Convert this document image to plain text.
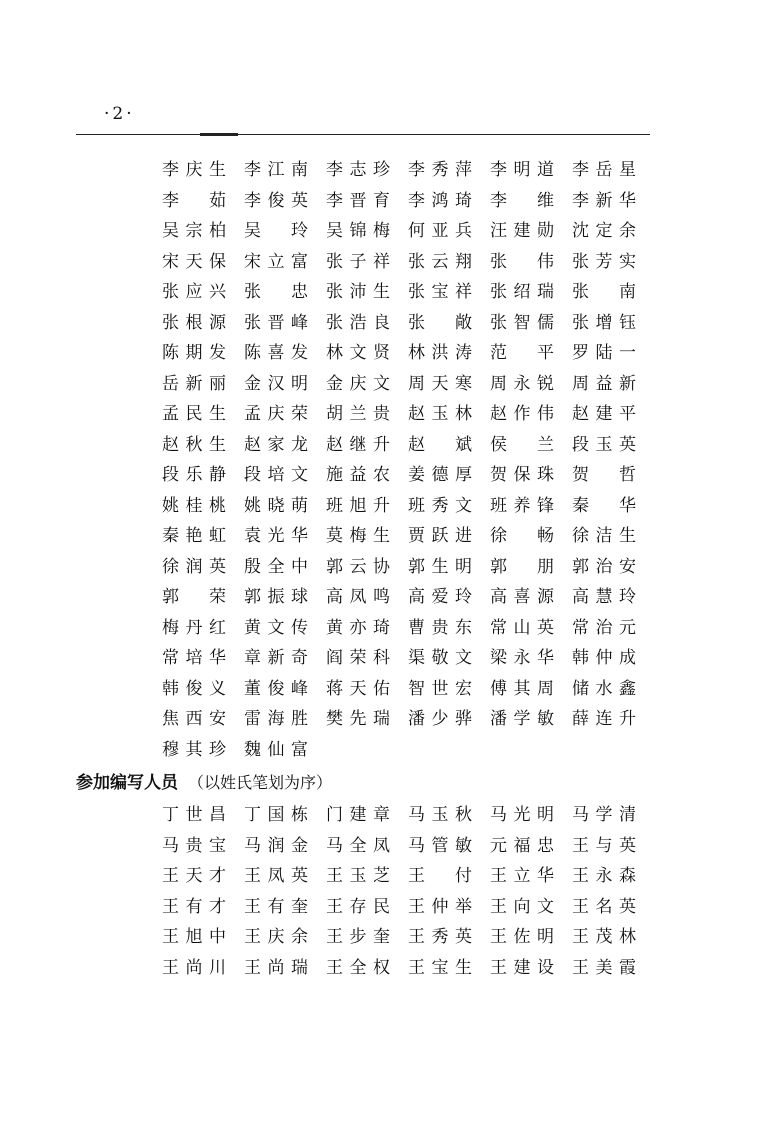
·2·
李 庆 生 李 江 南 李 志 珍 李 秀 萍 李 明 道 李 岳 星
李 茹 李 俊 英 李 晋 育 李 鸿 琦 李 维 李 新 华
吴 宗 柏 吴 玲 吴 锦 梅 何 亚 兵 汪 建 勋 沈 定 余
宋 天 保 宋 立 富 张 子 祥 张 云 翔 张 伟 张 芳 实
张 应 兴 张 忠 张 沛 生 张 宝 祥 张 绍 瑞 张 南
张 根 源 张 晋 峰 张 浩 良 张 敞 张 智 儒 张 增 钰
陈 期 发 陈 喜 发 林 文 贤 林 洪 涛 范 平 罗 陆 一
岳 新 丽 金 汉 明 金 庆 文 周 天 寒 周 永 锐 周 益 新
孟 民 生 孟 庆 荣 胡 兰 贵 赵 玉 林 赵 作 伟 赵 建 平
赵 秋 生 赵 家 龙 赵 继 升 赵 斌 侯 兰 段 玉 英
段 乐 静 段 培 文 施 益 农 姜 德 厚 贺 保 珠 贺 哲
姚 桂 桃 姚 晓 萌 班 旭 升 班 秀 文 班 养 锋 秦 华
秦 艳 虹 袁 光 华 莫 梅 生 贾 跃 进 徐 畅 徐 洁 生
徐 润 英 殷 全 中 郭 云 协 郭 生 明 郭 朋 郭 治 安
郭 荣 郭 振 球 高 凤 鸣 高 爱 玲 高 喜 源 高 慧 玲
梅 丹 红 黄 文 传 黄 亦 琦 曹 贵 东 常 山 英 常 治 元
常 培 华 章 新 奇 阎 荣 科 渠 敬 文 梁 永 华 韩 仲 成
韩 俊 义 董 俊 峰 蒋 天 佑 智 世 宏 傅 其 周 储 水 鑫
焦 西 安 雷 海 胜 樊 先 瑞 潘 少 骅 潘 学 敏 薛 连 升
穆 其 珍 魏 仙 富
参加编写人员 （以姓氏笔划为序）
丁 世 昌 丁 国 栋 门 建 章 马 玉 秋 马 光 明 马 学 清
马 贵 宝 马 润 金 马 全 凤 马 管 敏 元 福 忠 王 与 英
王 天 才 王 凤 英 王 玉 芝 王 付 王 立 华 王 永 森
王 有 才 王 有 奎 王 存 民 王 仲 举 王 向 文 王 名 英
王 旭 中 王 庆 余 王 步 奎 王 秀 英 王 佐 明 王 茂 林
王 尚 川 王 尚 瑞 王 全 权 王 宝 生 王 建 设 王 美 霞
